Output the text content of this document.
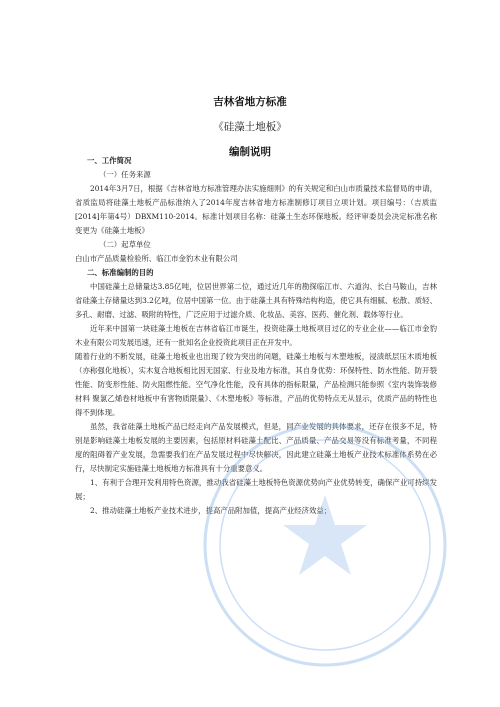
吉林省地方标准
《硅藻土地板》
编制说明

一、工作简况

（一）任务来源

2014年3月7日，根据《吉林省地方标准管理办法实施细则》的有关规定和白山市质量技术监督局的申请，省质监局将硅藻土地板产品标准纳入了2014年度吉林省地方标准制修订项目立项计划。项目编号：（吉质监[2014]年第4号）DBXM110-2014。标准计划项目名称：硅藻土生态环保地板。经评审委员会决定标准名称变更为《硅藻土地板》

（二）起草单位

白山市产品质量检验所、临江市金豹木业有限公司

二、标准编制的目的

中国硅藻土总储量达3.85亿吨，位居世界第二位，通过近几年的勘探临江市、六道沟、长白马鞍山，吉林省硅藻土存储量达到3.2亿吨，位居中国第一位。由于硅藻土具有特殊结构构造，使它具有细腻、松散、质轻、多孔、耐磨、过滤、吸附的特性，广泛应用于过滤介质、化妆品、美容、医药、催化剂、载体等行业。

近年来中国第一块硅藻土地板在吉林省临江市诞生，投资硅藻土地板项目过亿的专业企业——临江市金豹木业有限公司发展迅速，还有一批知名企业投资此项目正在开发中。

随着行业的不断发展，硅藻土地板业也出现了较为突出的问题，硅藻土地板与木塑地板，浸渍纸层压木质地板（亦称强化地板），实木复合地板相比因无国家、行业及地方标准，其自身优势：环保特性、防水性能、防开裂性能、防变形性能、防火阻燃性能、空气净化性能，没有具体的指标限量，产品检测只能参照《室内装饰装修材料 聚氯乙烯卷材地板中有害物质限量》、《木塑地板》等标准，产品的优势特点无从显示，优质产品的特性也得不到体现。

虽然，我省硅藻土地板产品已经走向产品发展模式，但是，同产业发展的具体要求，还存在很多不足，特别是影响硅藻土地板发展的主要因素，包括原材料硅藻土配比、产品质量、产品交易等没有标准考量，不同程度的阻碍着产业发展，急需要我们在产品发展过程中尽快解决，因此建立硅藻土地板产业技术标准体系势在必行，尽快制定实施硅藻土地板地方标准具有十分重要意义。

1、有利于合理开发利用特色资源，推动我省硅藻土地板特色资源优势向产业优势转变，确保产业可持续发展；

2、推动硅藻土地板产业技术进步，提高产品附加值，提高产业经济效益；
